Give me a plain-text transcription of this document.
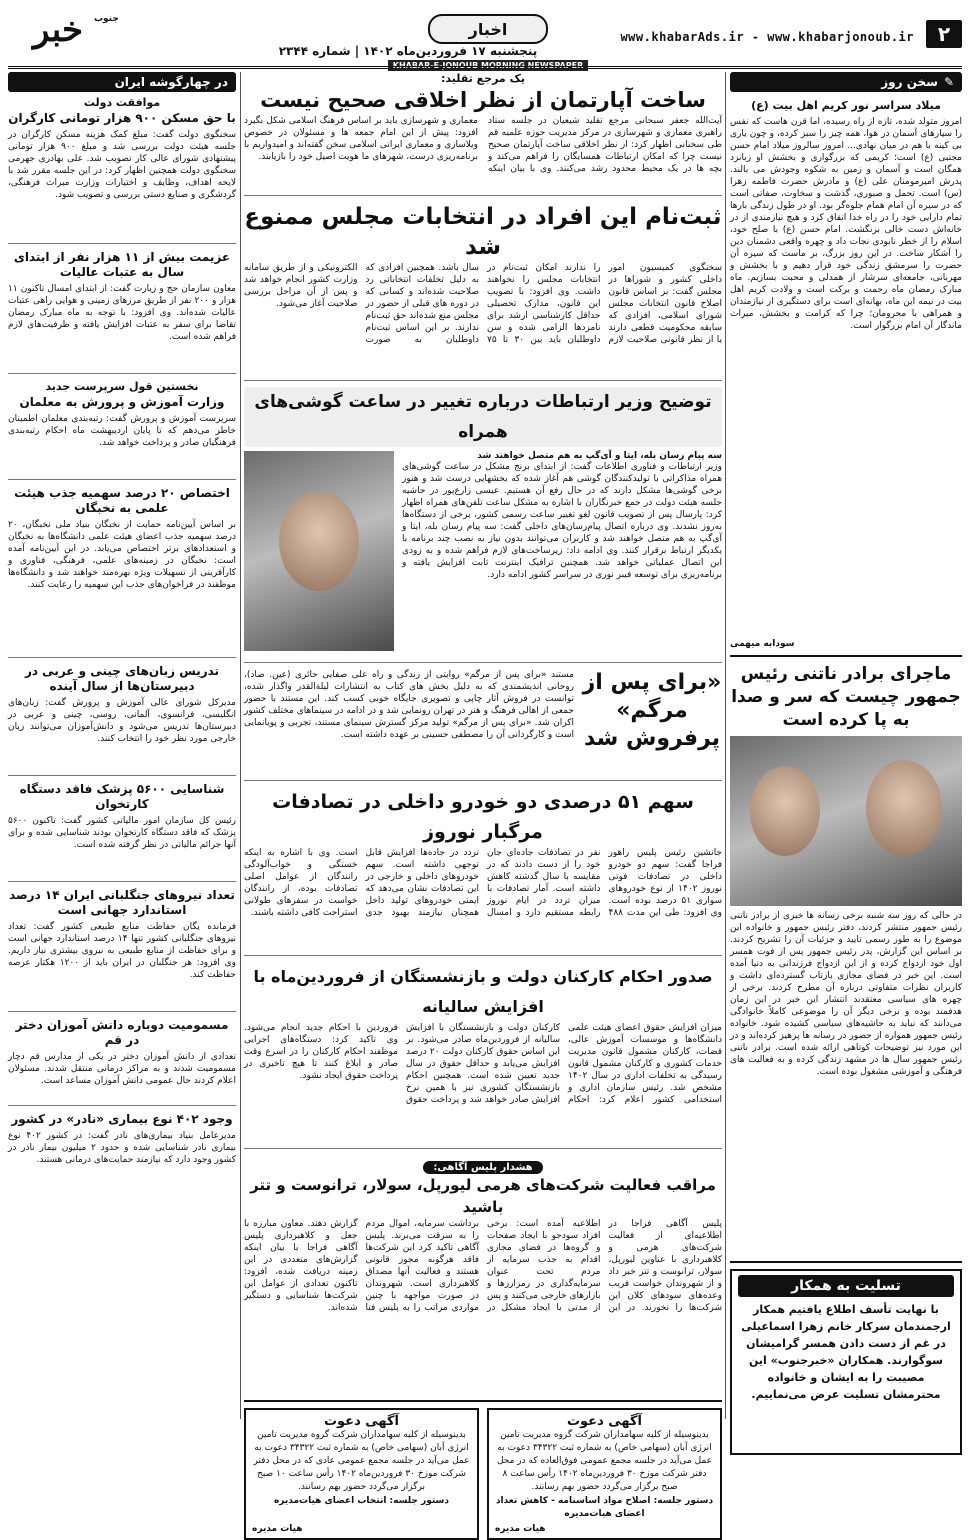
۲
www.khabarAds.ir - www.khabarjonoub.ir
اخبار
پنجشنبه ۱۷ فروردین‌ماه ۱۴۰۲ | شماره ۲۳۴۴
KHABAR-E-JONOUB MORNING NEWSPAPER
خبر	جنوب
✎
سخن روز
میلاد سراسر نور کریم اهل بیت (ع)
امروز متولد شده، تازه از راه رسیده، اما قرن هاست که نفس را سیارهای آسمان در هوا، همه چیز را سبز کرده، و چون یاری بی کینه با هم در میان نهادی... امروز سالروز میلاد امام حسن مجتبی (ع) است؛ کریمی که بزرگواری و بخشش او زبانزد همگان است و آسمان و زمین به شکوه وجودش می بالند. پدرش امیرمومنان علی (ع) و مادرش حضرت فاطمه زهرا (س) است. تحمل و صبوری، گذشت و سخاوت، صفاتی است که در سیره آن امام همام جلوه‌گر بود. او در طول زندگی بارها تمام دارایی خود را در راه خدا انفاق کرد و هیچ نیازمندی از در خانه‌اش دست خالی برنگشت. امام حسن (ع) با صلح خود، اسلام را از خطر نابودی نجات داد و چهره واقعی دشمنان دین را آشکار ساخت. در این روز بزرگ، بر ماست که سیره آن حضرت را سرمشق زندگی خود قرار دهیم و با بخشش و مهربانی، جامعه‌ای سرشار از همدلی و محبت بسازیم. ماه مبارک رمضان ماه رحمت و برکت است و ولادت کریم اهل بیت در نیمه این ماه، بهانه‌ای است برای دستگیری از نیازمندان و همراهی با محرومان؛ چرا که کرامت و بخشش، میراث ماندگار آن امام بزرگوار است.
سودابه میهمی
ماجرای برادر ناتنی رئیس جمهور چیست که سر و صدا به پا کرده است
در حالی که روز سه شنبه برخی رسانه ها خبری از برادر ناتنی رئیس جمهور منتشر کردند، دفتر رئیس جمهور و خانواده این موضوع را به طور رسمی تایید و جزئیات آن را تشریح کردند. بر اساس این گزارش، پدر رئیس جمهور پس از فوت همسر اول خود ازدواج کرده و از این ازدواج فرزندانی به دنیا آمده است. این خبر در فضای مجازی بازتاب گسترده‌ای داشت و کاربران نظرات متفاوتی درباره آن مطرح کردند. برخی از چهره های سیاسی معتقدند انتشار این خبر در این زمان هدفمند بوده و برخی دیگر آن را موضوعی کاملاً خانوادگی می‌دانند که نباید به حاشیه‌های سیاسی کشیده شود. خانواده رئیس جمهور همواره از حضور در رسانه ها پرهیز کرده‌اند و در این مورد نیز توضیحات کوتاهی ارائه شده است. برادر ناتنی رئیس جمهور سال ها در مشهد زندگی کرده و به فعالیت های فرهنگی و آموزشی مشغول بوده است.
تسلیت به همکار
با نهایت تأسف اطلاع یافتیم همکار ارجمندمان سرکار خانم زهرا اسماعیلی در غم از دست دادن همسر گرامیشان سوگوارند. همکاران «خبرجنوب» این مصیبت را به ایشان و خانواده محترمشان تسلیت عرض می‌نماییم.
یک مرجع تقلید:
ساخت آپارتمان از نظر اخلاقی صحیح نیست
آیت‌الله جعفر سبحانی مرجع تقلید شیعیان در جلسه ستاد راهبری معماری و شهرسازی در مرکز مدیریت حوزه علمیه قم طی سخنانی اظهار کرد: از نظر اخلاقی ساخت آپارتمان صحیح نیست چرا که امکان ارتباطات همسایگان را فراهم می‌کند و بچه ها در یک محیط محدود رشد می‌کنند. وی با بیان اینکه معماری و شهرسازی باید بر اساس فرهنگ اسلامی شکل بگیرد افزود: پیش از این امام جمعه ها و مسئولان در خصوص ویلاسازی و معماری ایرانی اسلامی سخن گفته‌اند و امیدواریم با برنامه‌ریزی درست، شهرهای ما هویت اصیل خود را بازیابند.
ثبت‌نام این افراد در انتخابات مجلس ممنوع شد
سخنگوی کمیسیون امور داخلی کشور و شوراها در مجلس گفت: بر اساس قانون اصلاح قانون انتخابات مجلس شورای اسلامی، افرادی که سابقه محکومیت قطعی دارند یا از نظر قانونی صلاحیت لازم را ندارند امکان ثبت‌نام در انتخابات مجلس را نخواهند داشت. وی افزود: با تصویب این قانون، مدارک تحصیلی حداقل کارشناسی ارشد برای نامزدها الزامی شده و سن داوطلبان باید بین ۳۰ تا ۷۵ سال باشد. همچنین افرادی که به دلیل تخلفات انتخاباتی رد صلاحیت شده‌اند و کسانی که در دوره های قبلی از حضور در مجلس منع شده‌اند حق ثبت‌نام ندارند. بر این اساس ثبت‌نام داوطلبان به صورت الکترونیکی و از طریق سامانه وزارت کشور انجام خواهد شد و پس از آن مراحل بررسی صلاحیت آغاز می‌شود.
توضیح وزیر ارتباطات درباره تغییر در ساعت گوشی‌های همراه
سه پیام رسان بله، ایتا و آی‌گپ به هم متصل خواهند شد
وزیر ارتباطات و فناوری اطلاعات گفت: از ابتدای برنج مشکل در ساعت گوشی‌های همراه مذاکراتی با تولیدکنندگان گوشی هم آغاز شده که بخشهایی درست شد و هنوز برخی گوشی‌ها مشکل دارند که در حال رفع آن هستیم. عیسی زارع‌پور در حاشیه جلسه هیئت دولت در جمع خبرنگاران با اشاره به مشکل ساعت تلفن‌های همراه اظهار کرد: پارسال پس از تصویب قانون لغو تغییر ساعت رسمی کشور، برخی از دستگاه‌ها به‌روز نشدند. وی درباره اتصال پیام‌رسان‌های داخلی گفت: سه پیام رسان بله، ایتا و آی‌گپ به هم متصل خواهند شد و کاربران می‌توانند بدون نیاز به نصب چند برنامه با یکدیگر ارتباط برقرار کنند. وی ادامه داد: زیرساخت‌های لازم فراهم شده و به زودی این اتصال عملیاتی خواهد شد. همچنین ترافیک اینترنت ثابت افزایش یافته و برنامه‌ریزی برای توسعه فیبر نوری در سراسر کشور ادامه دارد.
«برای پس از مرگم» پرفروش شد
مستند «برای پس از مرگم» روایتی از زندگی و راه علی صفایی حائری (عین. صاد)، روحانی اندیشمندی که به دلیل بخش های کتاب به انتشارات لیلةالقدر واگذار شده، توانست در فروش آثار چاپی و تصویری جایگاه خوبی کسب کند. این مستند با حضور جمعی از اهالی فرهنگ و هنر در تهران رونمایی شد و در ادامه در سینماهای مختلف کشور اکران شد. «برای پس از مرگم» تولید مرکز گسترش سینمای مستند، تجربی و پویانمایی است و کارگردانی آن را مصطفی حسینی بر عهده داشته است.
سهم ۵۱ درصدی دو خودرو داخلی در تصادفات مرگبار نوروز
جانشین رئیس پلیس راهور فراجا گفت: سهم دو خودرو داخلی در تصادفات فوتی نوروز ۱۴۰۲ از نوع خودروهای سواری ۵۱ درصد بوده است. وی افزود: طی این مدت ۴۸۸ نفر در تصادفات جاده‌ای جان خود را از دست دادند که در مقایسه با سال گذشته کاهش داشته است. آمار تصادفات با میزان تردد در ایام نوروز رابطه مستقیم دارد و امسال تردد در جاده‌ها افزایش قابل توجهی داشته است. سهم خودروهای داخلی و خارجی در این تصادفات نشان می‌دهد که ایمنی خودروهای تولید داخل همچنان نیازمند بهبود جدی است. وی با اشاره به اینکه خستگی و خواب‌آلودگی رانندگان از عوامل اصلی تصادفات بوده، از رانندگان خواست در سفرهای طولانی استراحت کافی داشته باشند.
صدور احکام کارکنان دولت و بازنشستگان از فروردین‌ماه با افزایش سالیانه
میزان افزایش حقوق اعضای هیئت علمی دانشگاه‌ها و موسسات آموزش عالی، قضات، کارکنان مشمول قانون مدیریت خدمات کشوری و کارکنان مشمول قانون رسیدگی به تخلفات اداری در سال ۱۴۰۲ مشخص شد. رئیس سازمان اداری و استخدامی کشور اعلام کرد: احکام کارکنان دولت و بازنشستگان با افزایش سالیانه از فروردین‌ماه صادر می‌شود. بر این اساس حقوق کارکنان دولت ۲۰ درصد افزایش می‌یابد و حداقل حقوق در سال جدید تعیین شده است. همچنین احکام بازنشستگان کشوری نیز با همین نرخ افزایش صادر خواهد شد و پرداخت حقوق فروردین با احکام جدید انجام می‌شود. وی تاکید کرد: دستگاه‌های اجرایی موظفند احکام کارکنان را در اسرع وقت صادر و ابلاغ کنند تا هیچ تاخیری در پرداخت حقوق ایجاد نشود.
هشدار پلیس آگاهی:
مراقب فعالیت شرکت‌های هرمی لیورپل، سولار، ترانوست و تتر باشید
پلیس آگاهی فراجا در اطلاعیه‌ای از فعالیت شرکت‌های هرمی و کلاهبرداری با عناوین لیورپل، سولار، ترانوست و تتر خبر داد و از شهروندان خواست فریب وعده‌های سودهای کلان این شرکت‌ها را نخورند. در این اطلاعیه آمده است: برخی افراد سودجو با ایجاد صفحات و گروه‌ها در فضای مجازی اقدام به جذب سرمایه از مردم تحت عنوان سرمایه‌گذاری در رمزارزها و بازارهای خارجی می‌کنند و پس از مدتی با ایجاد مشکل در برداشت سرمایه، اموال مردم را به سرقت می‌برند. پلیس آگاهی تاکید کرد این شرکت‌ها فاقد هرگونه مجوز قانونی هستند و فعالیت آنها مصداق کلاهبرداری است. شهروندان در صورت مواجهه با چنین مواردی مراتب را به پلیس فتا گزارش دهند. معاون مبارزه با جعل و کلاهبرداری پلیس آگاهی فراجا با بیان اینکه گزارش‌های متعددی در این زمینه دریافت شده، افزود: تاکنون تعدادی از عوامل این شرکت‌ها شناسایی و دستگیر شده‌اند.
آگهی دعوت
بدینوسیله از کلیه سهامداران شرکت گروه مدیریت تامین انرژی آبان (سهامی خاص) به شماره ثبت ۳۴۳۲۲ دعوت به عمل می‌آید در جلسه مجمع عمومی فوق‌العاده که در محل دفتر شرکت موزخ ۳۰ فروردین‌ماه ۱۴۰۲ رأس ساعت ۸ صبح برگزار می‌گردد حضور بهم رسانند.
دستور جلسه: اصلاح مواد اساسنامه - کاهش تعداد اعضای هیات‌مدیره
هیات مدیره
آگهی دعوت
بدینوسیله از کلیه سهامداران شرکت گروه مدیریت تامین انرژی آبان (سهامی خاص) به شماره ثبت ۳۴۳۲۲ دعوت به عمل می‌آید در جلسه مجمع عمومی عادی که در محل دفتر شرکت موزخ ۳۰ فروردین‌ماه ۱۴۰۲ رأس ساعت ۱۰ صبح برگزار می‌گردد حضور بهم رسانند.
دستور جلسه: انتخاب اعضای هیات‌مدیره
هیات مدیره
در چهارگوشه ایران
موافقت دولت
با حق مسکن ۹۰۰ هزار تومانی کارگران
سخنگوی دولت گفت: مبلغ کمک هزینه مسکن کارگران در جلسه هیئت دولت بررسی شد و مبلغ ۹۰۰ هزار تومانی پیشنهادی شورای عالی کار تصویب شد. علی بهادری جهرمی سخنگوی دولت همچنین اظهار کرد: در این جلسه مقرر شد با لایحه اهداف، وظایف و اختیارات وزارت میراث فرهنگی، گردشگری و صنایع دستی بررسی و تصویب شود.
عزیمت بیش از ۱۱ هزار نفر از ابتدای سال به عتبات عالیات
معاون سازمان حج و زیارت گفت: از ابتدای امسال تاکنون ۱۱ هزار و ۲۰۰ نفر از طریق مرزهای زمینی و هوایی راهی عتبات عالیات شده‌اند. وی افزود: با توجه به ماه مبارک رمضان تقاضا برای سفر به عتبات افزایش یافته و ظرفیت‌های لازم فراهم شده است.
نخستین قول سرپرست جدید
وزارت آموزش و پرورش به معلمان
سرپرست آموزش و پرورش گفت: رتبه‌بندی معلمان اطمینان خاطر می‌دهم که تا پایان اردیبهشت ماه احکام رتبه‌بندی فرهنگیان صادر و پرداخت خواهد شد.
اختصاص ۲۰ درصد سهمیه جذب هیئت علمی به نخبگان
بر اساس آیین‌نامه حمایت از نخبگان بنیاد ملی نخبگان، ۲۰ درصد سهمیه جذب اعضای هیئت علمی دانشگاه‌ها به نخبگان و استعدادهای برتر اختصاص می‌یابد. در این آیین‌نامه آمده است: نخبگان در زمینه‌های علمی، فرهنگی، فناوری و کارآفرینی از تسهیلات ویژه بهره‌مند خواهند شد و دانشگاه‌ها موظفند در فراخوان‌های جذب این سهمیه را رعایت کنند.
تدریس زبان‌های چینی و عربی در دبیرستان‌ها از سال آینده
مدیرکل شورای عالی آموزش و پرورش گفت: زبان‌های انگلیسی، فرانسوی، آلمانی، روسی، چینی و عربی در دبیرستان‌ها تدریس می‌شود و دانش‌آموزان می‌توانند زبان خارجی مورد نظر خود را انتخاب کنند.
شناسایی ۵۶۰۰ پزشک فاقد دستگاه کارتخوان
رئیس کل سازمان امور مالیاتی کشور گفت: تاکنون ۵۶۰۰ پزشک که فاقد دستگاه کارتخوان بودند شناسایی شده و برای آنها جرائم مالیاتی در نظر گرفته شده است.
تعداد نیروهای جنگلبانی ایران ۱۴ درصد استاندارد جهانی است
فرمانده یگان حفاظت منابع طبیعی کشور گفت: تعداد نیروهای جنگلبانی کشور تنها ۱۴ درصد استاندارد جهانی است و برای حفاظت از منابع طبیعی به نیروی بیشتری نیاز داریم. وی افزود: هر جنگلبان در ایران باید از ۱۲۰۰ هکتار عرصه حفاظت کند.
مسمومیت دوباره دانش آموزان دختر در قم
تعدادی از دانش آموزان دختر در یکی از مدارس قم دچار مسمومیت شدند و به مراکز درمانی منتقل شدند. مسئولان اعلام کردند حال عمومی دانش آموزان مساعد است.
وجود ۴۰۲ نوع بیماری «نادر» در کشور
مدیرعامل بنیاد بیماری‌های نادر گفت: در کشور ۴۰۲ نوع بیماری نادر شناسایی شده و حدود ۲ میلیون بیمار نادر در کشور وجود دارد که نیازمند حمایت‌های درمانی هستند.
